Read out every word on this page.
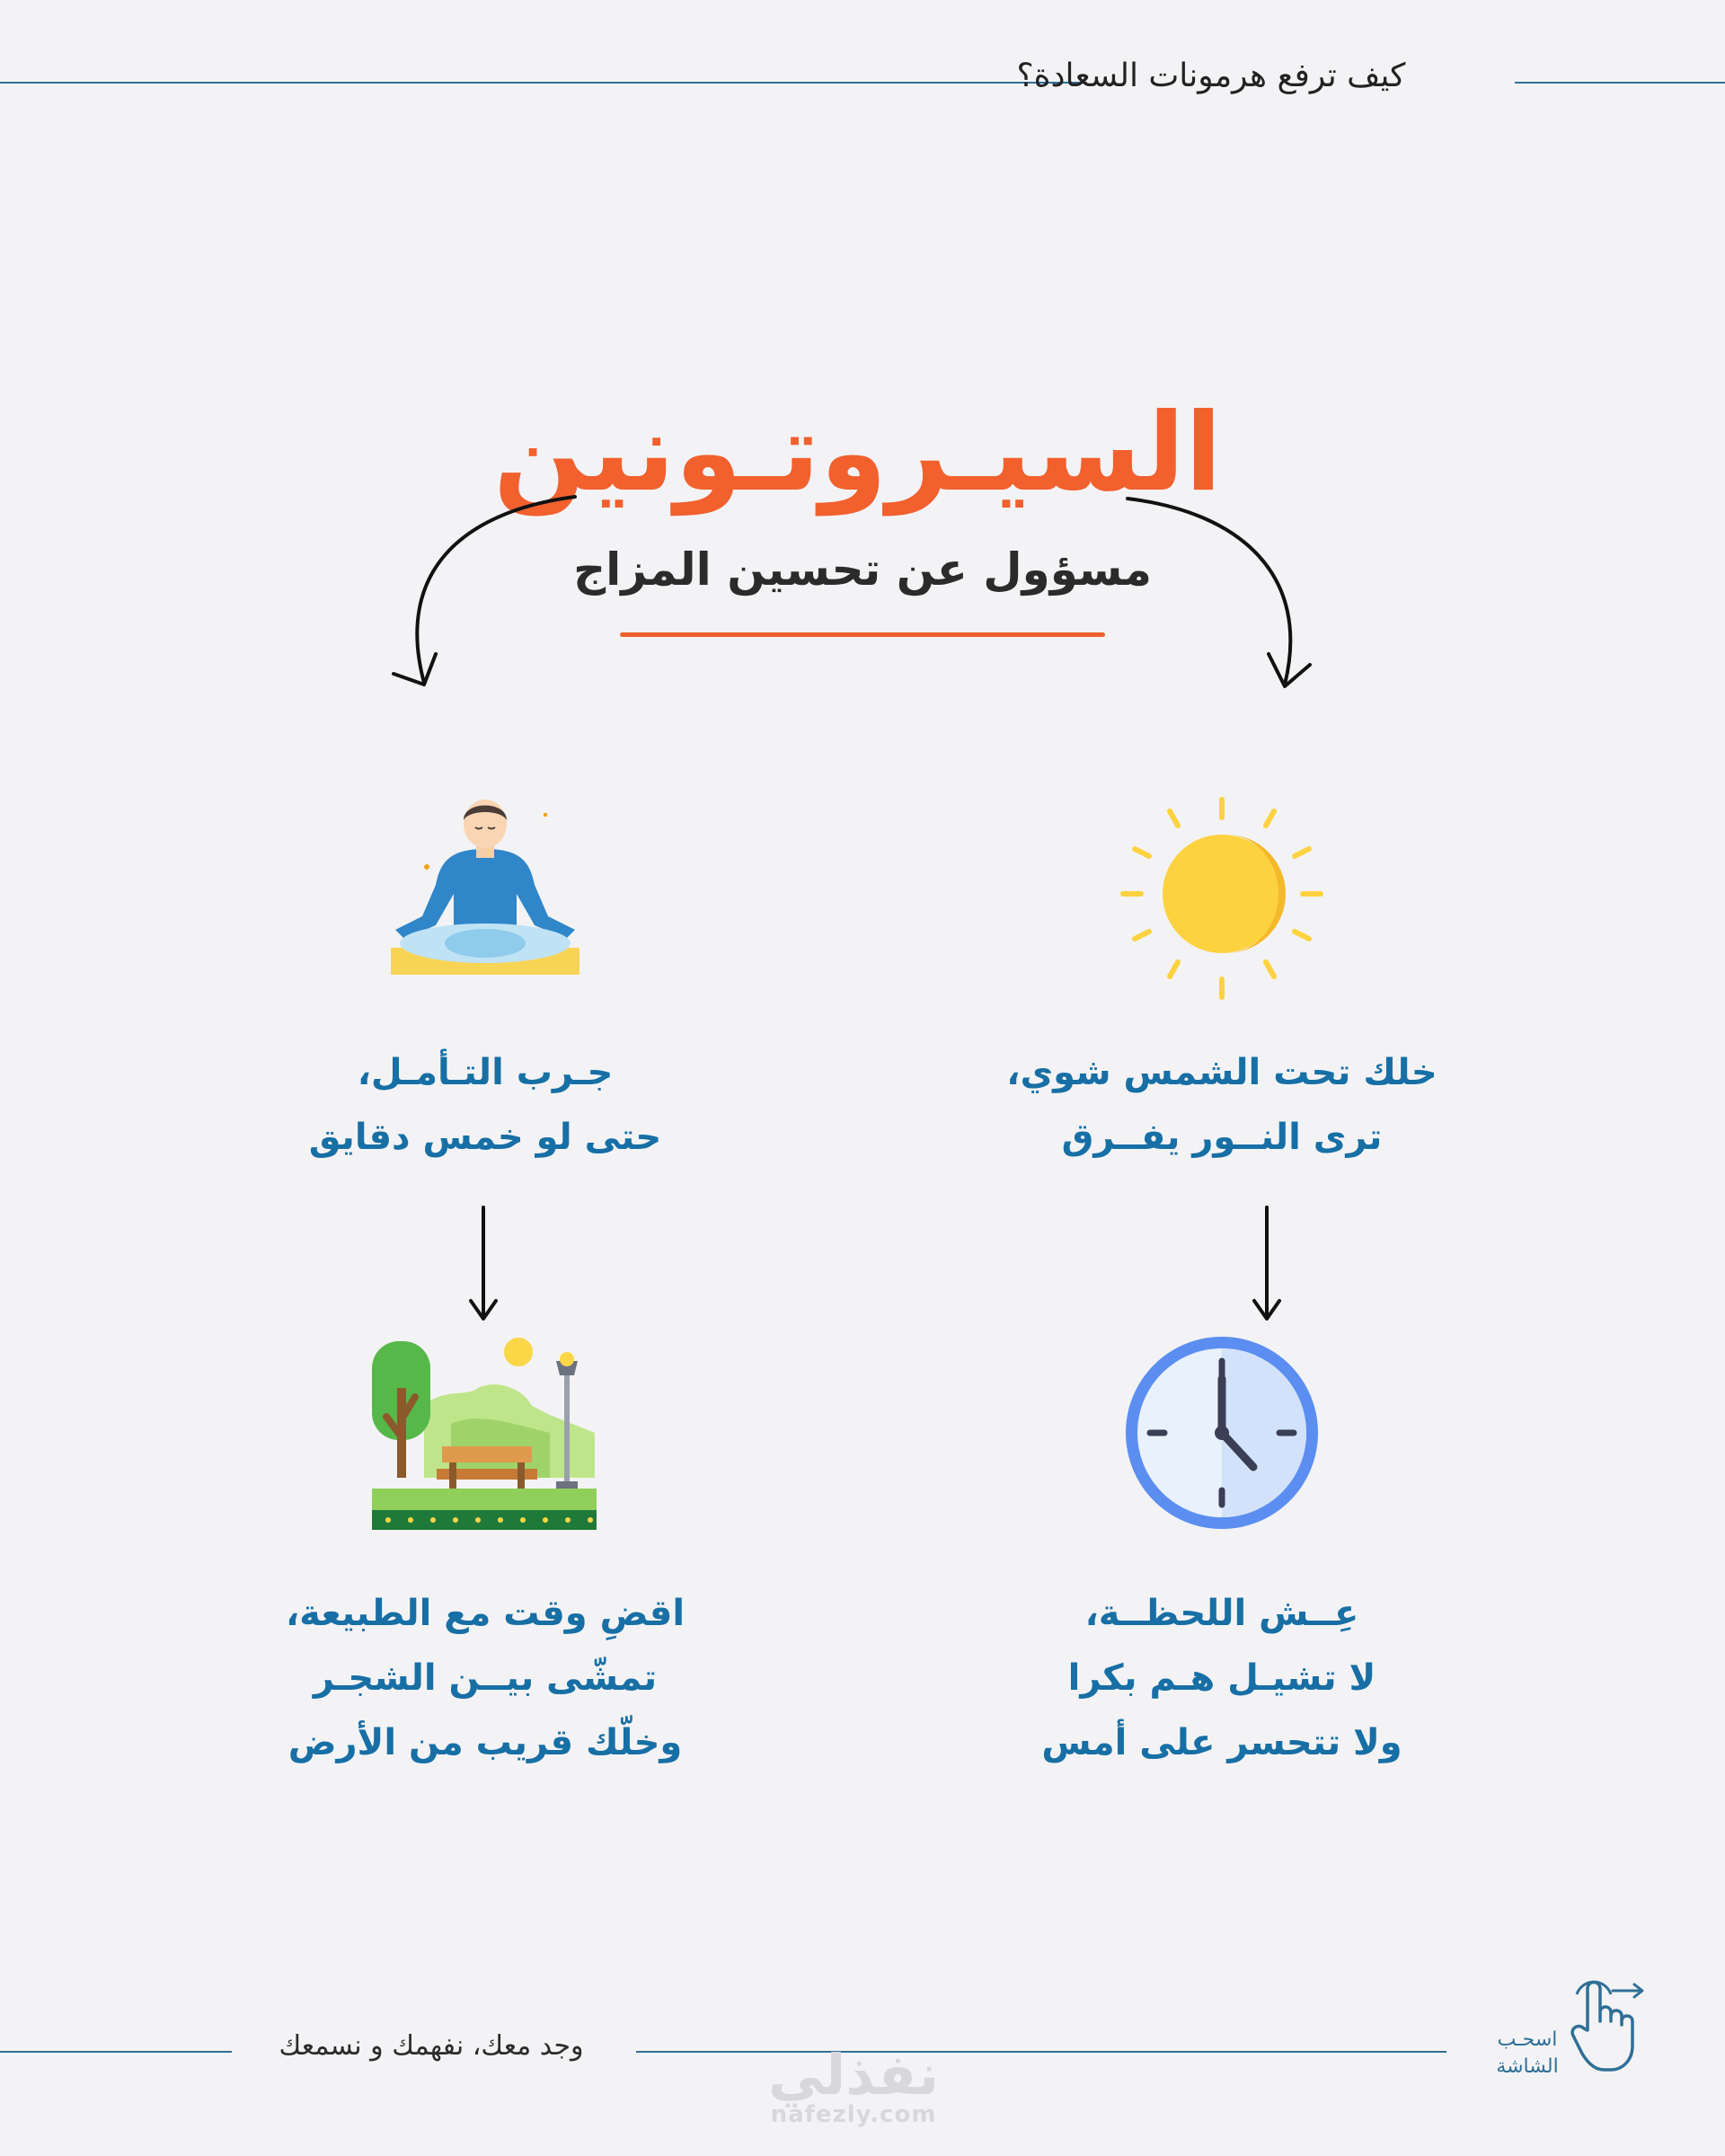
كيف ترفع هرمونات السعادة؟
السيـروتـونين
مسؤول عن تحسين المزاج
خلك تحت الشمس شوي،
ترى النــور يفــرق
جـرب التـأمـل،
حتى لو خمس دقايق
عِــش اللحظــة،
لا تشيـل هـم بكرا
ولا تتحسر على أمس
اقضِ وقت مع الطبيعة،
تمشّى بيــن الشجـر
وخلّك قريب من الأرض
وجد معك، نفهمك و نسمعك	نفذلي
nafezly.com
اسحـب
الشاشة
